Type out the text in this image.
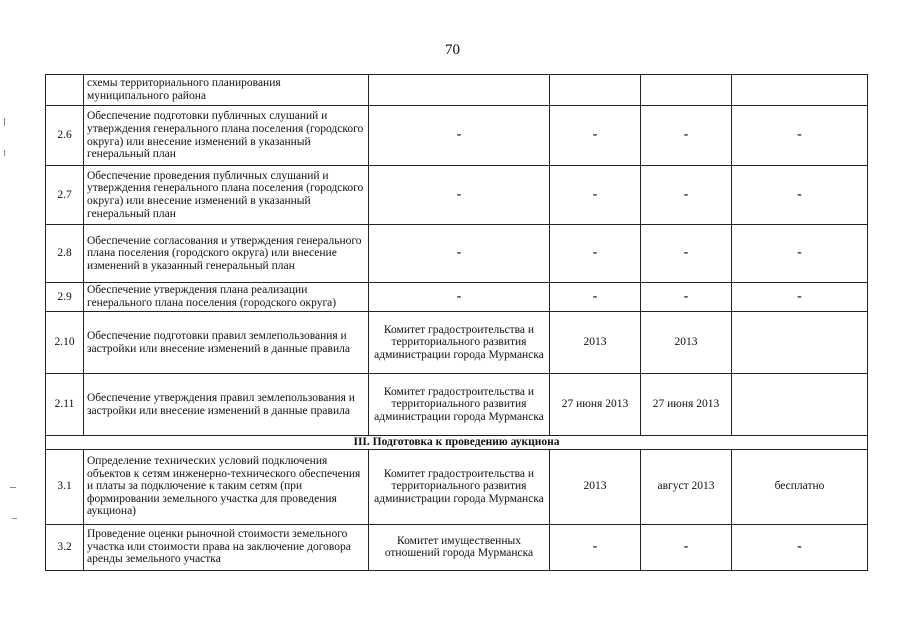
70
	схемы территориального планирования муниципального района				
2.6	Обеспечение подготовки публичных слушаний и утверждения генерального плана поселения (городского округа) или внесение изменений в указанный генеральный план	-	-	-	-
2.7	Обеспечение проведения публичных слушаний и утверждения генерального плана поселения (городского округа) или внесение изменений в указанный генеральный план	-	-	-	-
2.8	Обеспечение согласования и утверждения генерального плана поселения (городского округа) или внесение изменений в указанный генеральный план	-	-	-	-
2.9	Обеспечение утверждения плана реализации генерального плана поселения (городского округа)	-	-	-	-
2.10	Обеспечение подготовки правил землепользования и застройки или внесение изменений в данные правила	Комитет градостроительства и территориального развития администрации города Мурманска	2013	2013	
2.11	Обеспечение утверждения правил землепользования и застройки или внесение изменений в данные правила	Комитет градостроительства и территориального развития администрации города Мурманска	27 июня 2013	27 июня 2013	
III. Подготовка к проведению аукциона					
3.1	Определение технических условий подключения объектов к сетям инженерно-технического обеспечения и платы за подключение к таким сетям (при формировании земельного участка для проведения аукциона)	Комитет градостроительства и территориального развития администрации города Мурманска	2013	август 2013	бесплатно
3.2	Проведение оценки рыночной стоимости земельного участка или стоимости права на заключение договора аренды земельного участка	Комитет имущественных отношений города Мурманска	-	-	-
